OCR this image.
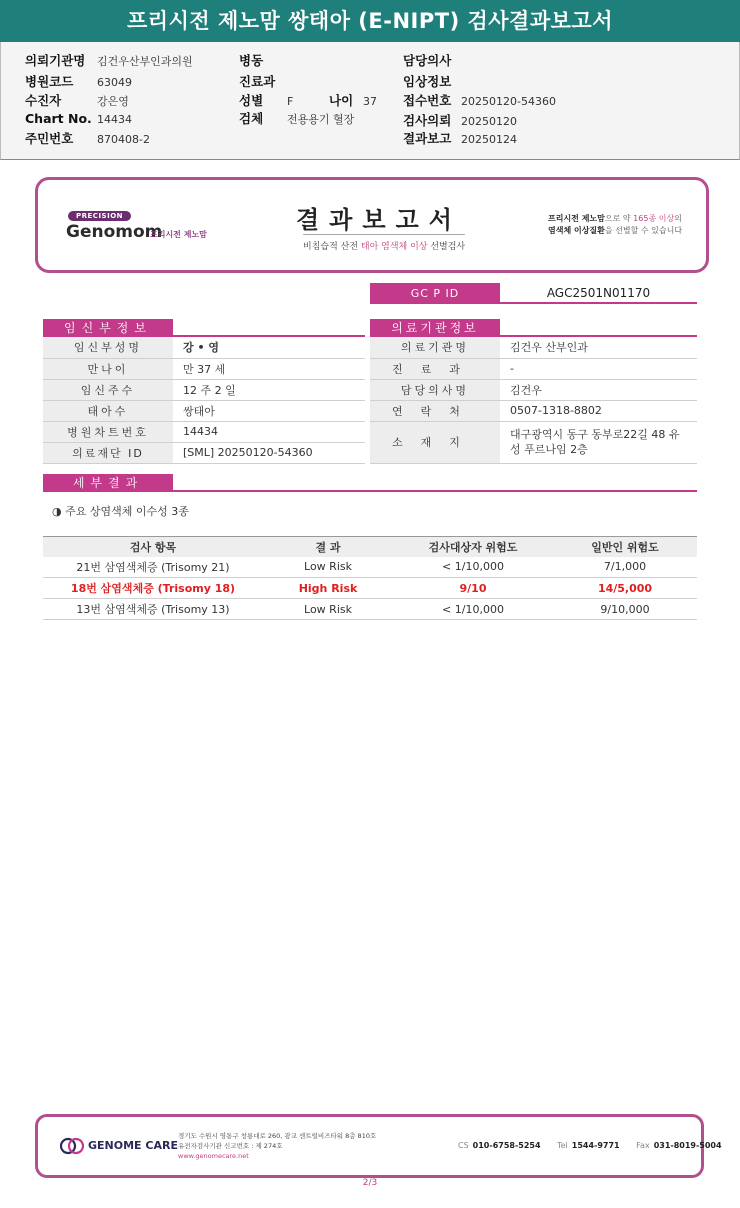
프리시전 제노맘 쌍태아 (E-NIPT) 검사결과보고서
의뢰기관명 김건우산부인과의원
병원코드 63049
수진자	강은영
Chart No. 14434
주민번호 870408-2
병동
진료과
성별 F	나이 37
검체 전용용기 혈장
담당의사
임상정보
접수번호 20250120-54360
검사의뢰 20250120
결과보고 20250124
PRECISION
Genomom
프리시전 제노맘
결과보고서
비침습적 산전 태아 염색체 이상 선별검사
프리시전 제노맘으로 약 165종 이상의
염색체 이상질환을 선별할 수 있습니다
GC P ID	AGC2501N01170
임신부정보	의료기관정보
임신부성명	강 • 영
만나이	만 37 세
임신주수	12 주 2 일
태아수	쌍태아
병원차트번호	14434
의료재단 ID	[SML] 20250120-54360
의료기관명	김건우 산부인과
진료과	-
담당의사명	김건우
연락처	0507-1318-8802
소재지	대구광역시 동구 동부로22길 48 유성 푸르나임 2층
세부결과
◑ 주요 상염색체 이수성 3종
검사 항목	결 과	검사대상자 위험도	일반인 위험도
21번 삼염색체증 (Trisomy 21)	Low Risk	< 1/10,000	7/1,000
18번 삼염색체증 (Trisomy 18)	High Risk	9/10	14/5,000
13번 삼염색체증 (Trisomy 13)	Low Risk	< 1/10,000	9/10,000
GENOME CARE
경기도 수원시 영통구 창룡대로 260, 광교 센트럴비즈타워 8층 810호
유전자검사기관 신고번호 : 제 274호
www.genomecare.net
CS 010-6758-5254 Tel 1544-9771 Fax 031-8019-5004
2/3
